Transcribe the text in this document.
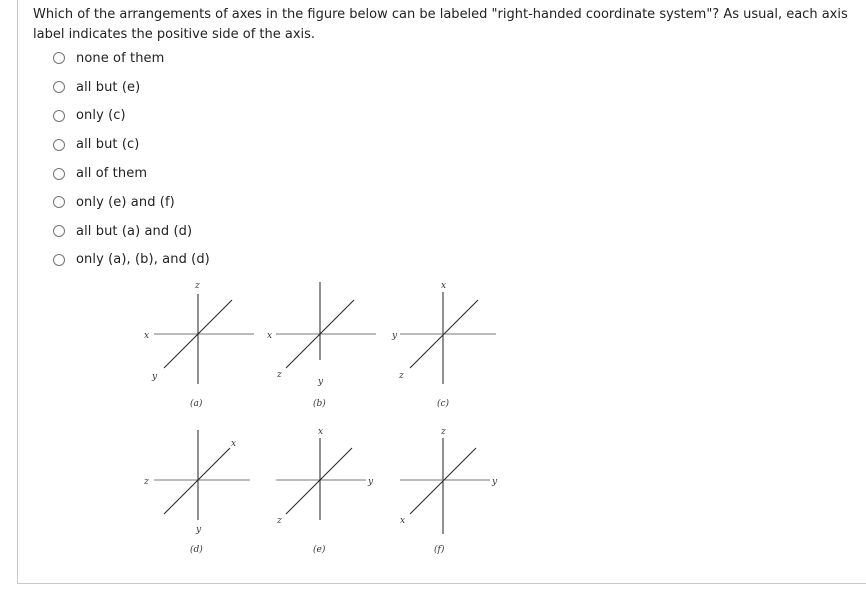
Which of the arrangements of axes in the figure below can be labeled "right-handed coordinate system"? As usual, each axis label indicates the positive side of the axis.
none of them
all but (e)
only (c)
all but (c)
all of them
only (e) and (f)
all but (a) and (d)
only (a), (b), and (d)
z
x
y
(a)
x
z
y
(b)
x
y
z
(c)
x
z
y
(d)
x
y
z
(e)
z
y
x
(f)
